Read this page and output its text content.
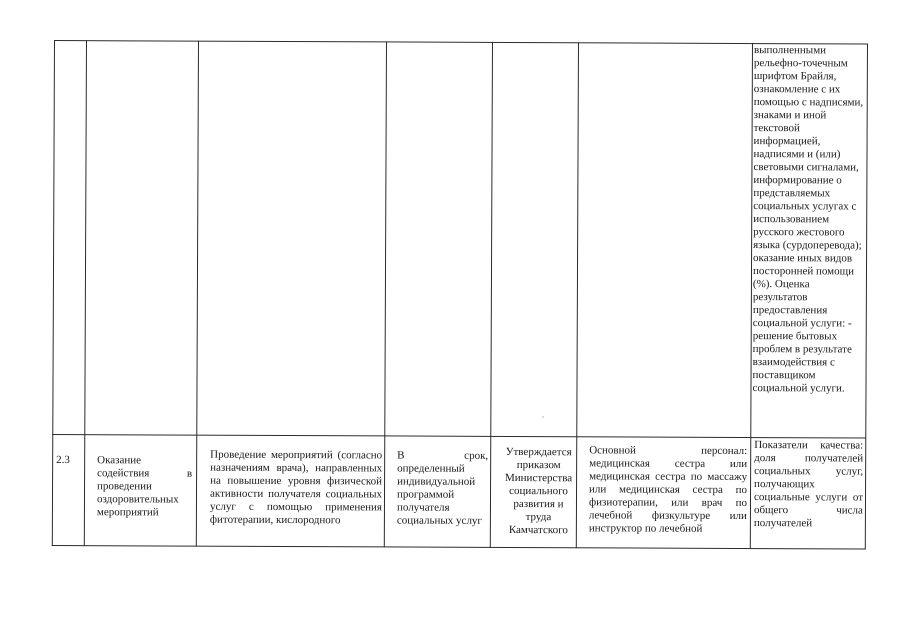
выполненными рельефно-точечным шрифтом Брайля, ознакомление с их помощью с надписями, знаками и иной текстовой информацией, надписями и (или) световыми сигналами, информирование о представляемых социальных услугах с использованием русского жестового языка (сурдоперевода); оказание иных видов посторонней помощи (%). Оценка результатов предоставления социальной услуги: - решение бытовых проблем в результате взаимодействия с поставщиком социальной услуги.
2.3	Оказание содействия в проведении оздоровительных мероприятий
Проведение мероприятий (согласно назначениям врача), направленных на повышение уровня физической активности получателя социальных услуг с помощью применения фитотерапии, кислородного
В срок, определенный индивидуальной программой получателя социальных услуг
Утверждается приказом Министерства социального развития и труда Камчатского
Основной персонал: медицинская сестра или медицинская сестра по массажу или медицинская сестра по физиотерапии, или врач по лечебной физкультуре или инструктор по лечебной
Показатели качества: доля получателей социальных услуг, получающих социальные услуги от общего числа получателей
